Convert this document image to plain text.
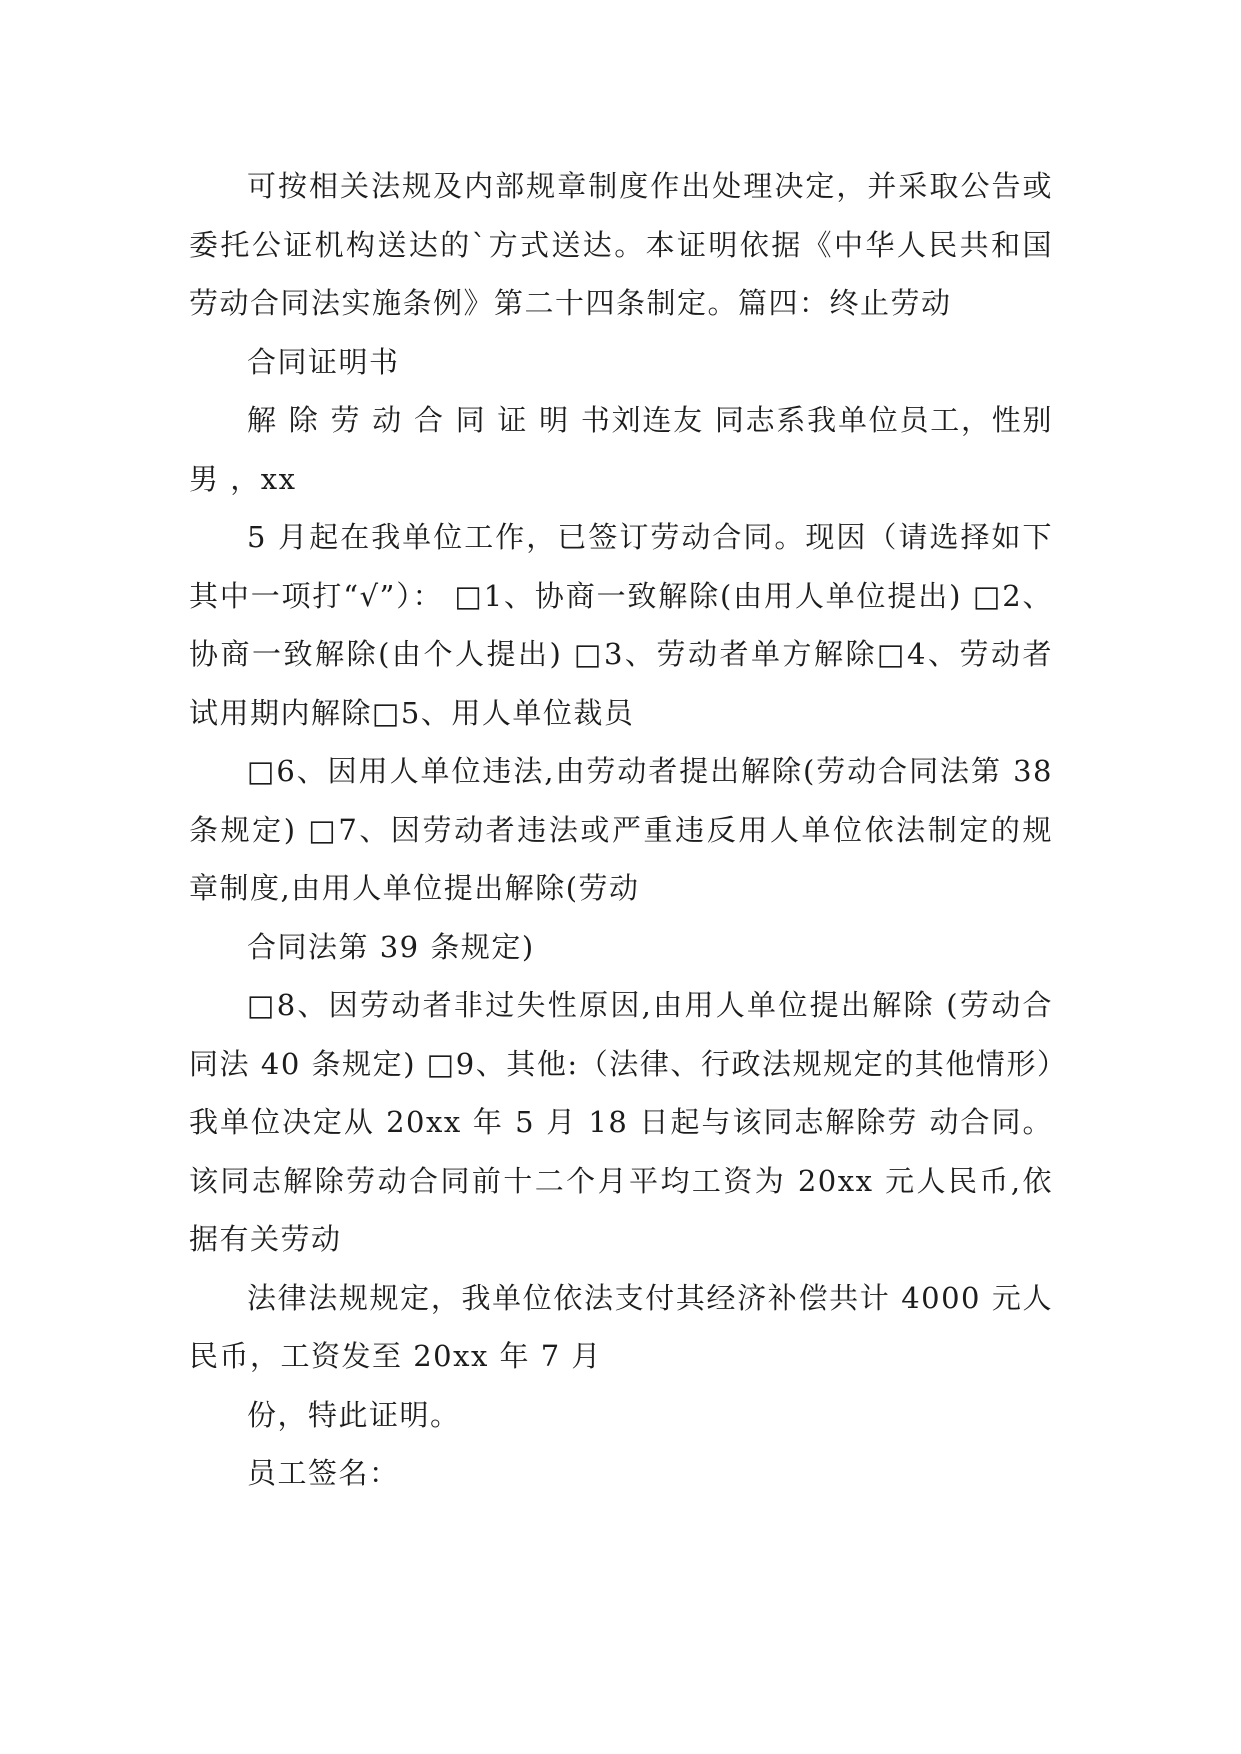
可按相关法规及内部规章制度作出处理决定，并采取公告或委托公证机构送达的`方式送达。本证明依据《中华人民共和国劳动合同法实施条例》第二十四条制定。篇四：终止劳动

合同证明书

解 除 劳 动 合 同 证 明 书刘连友 同志系我单位员工，性别 男 ，xx

5 月起在我单位工作，已签订劳动合同。现因（请选择如下其中一项打“√”）： □1、协商一致解除(由用人单位提出) □2、协商一致解除(由个人提出) □3、劳动者单方解除□4、劳动者试用期内解除□5、用人单位裁员

□6、因用人单位违法,由劳动者提出解除(劳动合同法第 38 条规定) □7、因劳动者违法或严重违反用人单位依法制定的规章制度,由用人单位提出解除(劳动

合同法第 39 条规定)

□8、因劳动者非过失性原因,由用人单位提出解除 (劳动合同法 40 条规定) □9、其他:（法律、行政法规规定的其他情形）我单位决定从 20xx 年 5 月 18 日起与该同志解除劳 动合同。该同志解除劳动合同前十二个月平均工资为 20xx 元人民币,依据有关劳动

法律法规规定，我单位依法支付其经济补偿共计 4000 元人民币，工资发至 20xx 年 7 月

份，特此证明。

员工签名：
